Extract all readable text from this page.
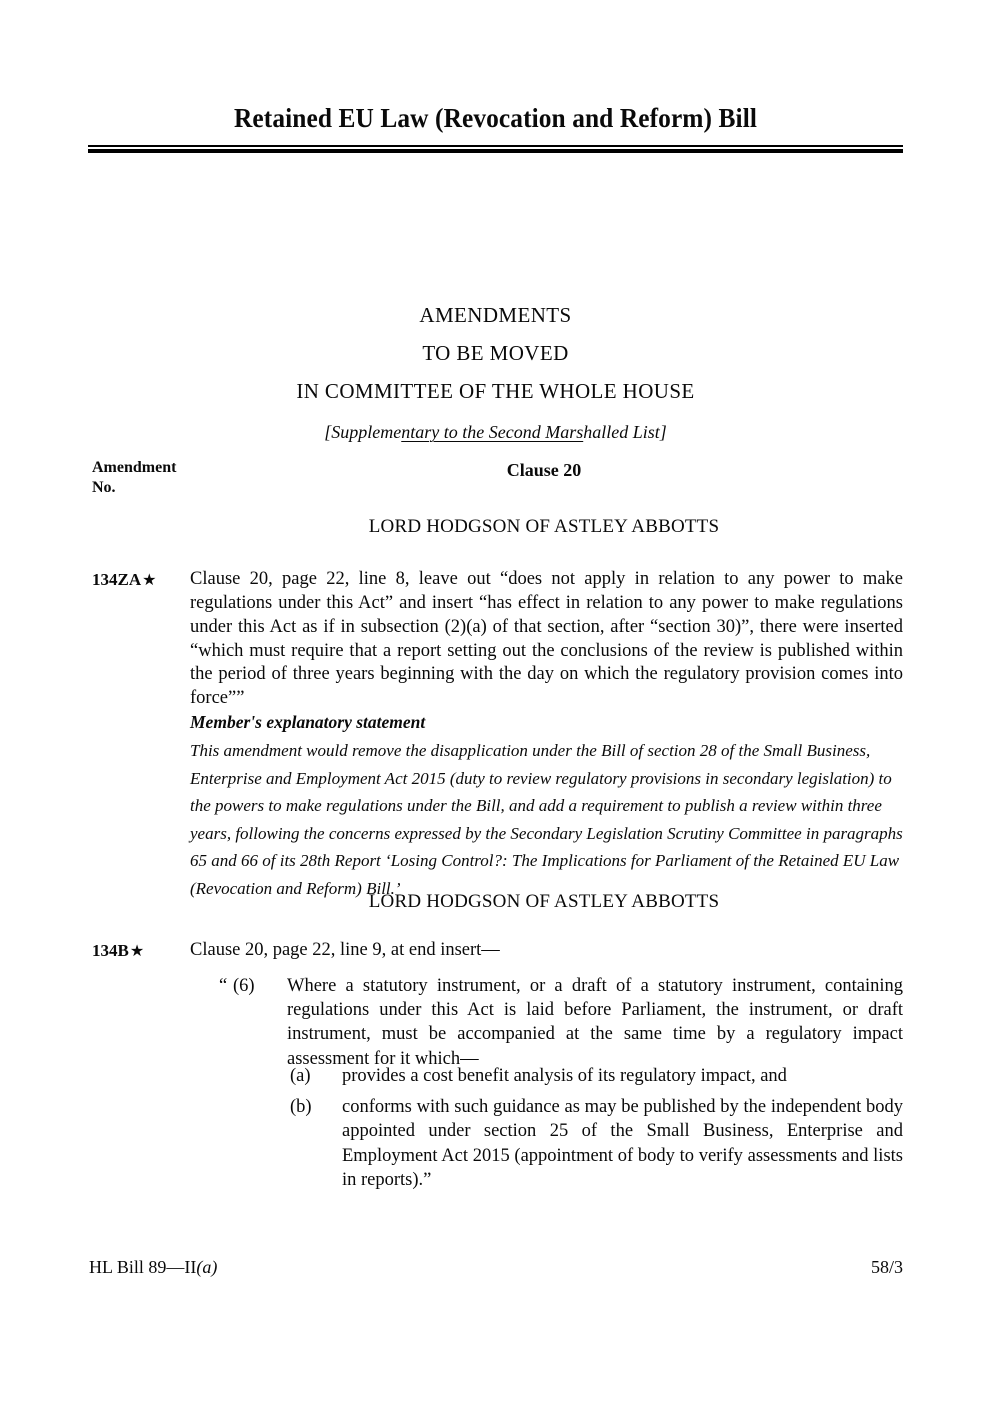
Retained EU Law (Revocation and Reform) Bill
AMENDMENTS
TO BE MOVED
IN COMMITTEE OF THE WHOLE HOUSE
[Supplementary to the Second Marshalled List]
Amendment
No.
Clause 20
LORD HODGSON OF ASTLEY ABBOTTS
134ZA★ Clause 20, page 22, line 8, leave out “does not apply in relation to any power to make regulations under this Act” and insert “has effect in relation to any power to make regulations under this Act as if in subsection (2)(a) of that section, after “section 30)”, there were inserted “which must require that a report setting out the conclusions of the review is published within the period of three years beginning with the day on which the regulatory provision comes into force””
Member's explanatory statement
This amendment would remove the disapplication under the Bill of section 28 of the Small Business, Enterprise and Employment Act 2015 (duty to review regulatory provisions in secondary legislation) to the powers to make regulations under the Bill, and add a requirement to publish a review within three years, following the concerns expressed by the Secondary Legislation Scrutiny Committee in paragraphs 65 and 66 of its 28th Report ‘Losing Control?: The Implications for Parliament of the Retained EU Law (Revocation and Reform) Bill.’
LORD HODGSON OF ASTLEY ABBOTTS
134B★ Clause 20, page 22, line 9, at end insert—
“ (6)	Where a statutory instrument, or a draft of a statutory instrument, containing regulations under this Act is laid before Parliament, the instrument, or draft instrument, must be accompanied at the same time by a regulatory impact assessment for it which—
(a)	provides a cost benefit analysis of its regulatory impact, and
(b)	conforms with such guidance as may be published by the independent body appointed under section 25 of the Small Business, Enterprise and Employment Act 2015 (appointment of body to verify assessments and lists in reports).”
HL Bill 89—II(a)	58/3
